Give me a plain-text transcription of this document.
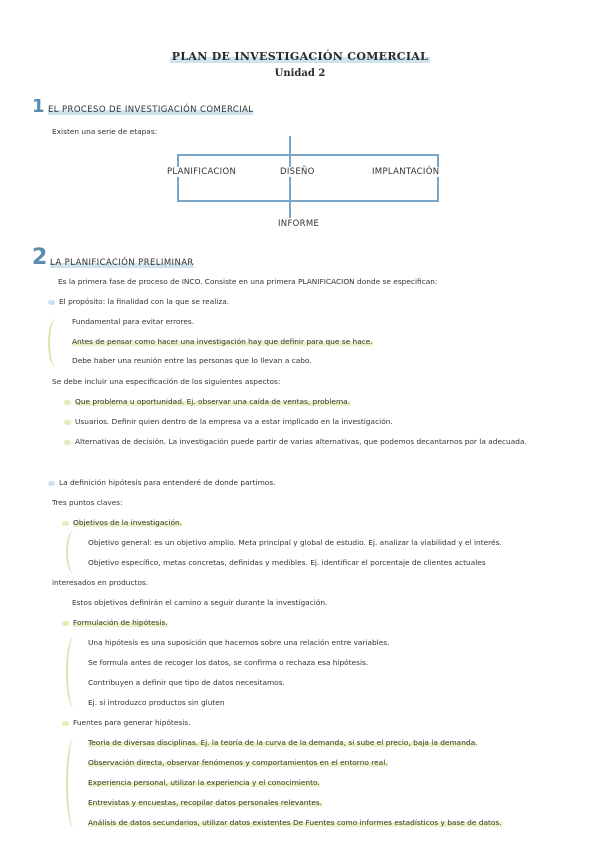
PLAN DE INVESTIGACIÓN COMERCIAL
Unidad 2
1 EL PROCESO DE INVESTIGACIÓN COMERCIAL
Existen una serie de etapas:
PLANIFICACION	DISEÑO	IMPLANTACIÓN
INFORME
2 LA PLANIFICACIÓN PRELIMINAR
Es la primera fase de proceso de INCO. Consiste en una primera PLANIFICACION donde se especifican:
El propósito: la finalidad con la que se realiza.
Fundamental para evitar errores.
Antes de pensar como hacer una investigación hay que definir para que se hace.
Debe haber una reunión entre las personas que lo llevan a cabo.
Se debe incluir una especificación de los siguientes aspectos:
Que problema u oportunidad. Ej. observar una caída de ventas, problema.
Usuarios. Definir quien dentro de la empresa va a estar implicado en la investigación.
Alternativas de decisión. La investigación puede partir de varias alternativas, que podemos decantarnos por la adecuada.
La definición hipótesis para entenderé de donde partimos.
Tres puntos claves:
Objetivos de la investigación.
Objetivo general: es un objetivo amplio. Meta principal y global de estudio. Ej. analizar la viabilidad y el interés.
Objetivo específico, metas concretas, definidas y medibles. Ej. identificar el porcentaje de clientes actuales
interesados en productos.
Estos objetivos definirán el camino a seguir durante la investigación.
Formulación de hipótesis.
Una hipótesis es una suposición que hacemos sobre una relación entre variables.
Se formula antes de recoger los datos, se confirma o rechaza esa hipótesis.
Contribuyen a definir que tipo de datos necesitamos.
Ej. si introduzco productos sin gluten
Fuentes para generar hipótesis.
Teoría de diversas disciplinas. Ej. la teoría de la curva de la demanda, si sube el precio, baja la demanda.
Observación directa, observar fenómenos y comportamientos en el entorno real.
Experiencia personal, utilizar la experiencia y el conocimiento.
Entrevistas y encuestas, recopilar datos personales relevantes.
Análisis de datos secundarios, utilizar datos existentes De Fuentes como informes estadísticos y base de datos.
